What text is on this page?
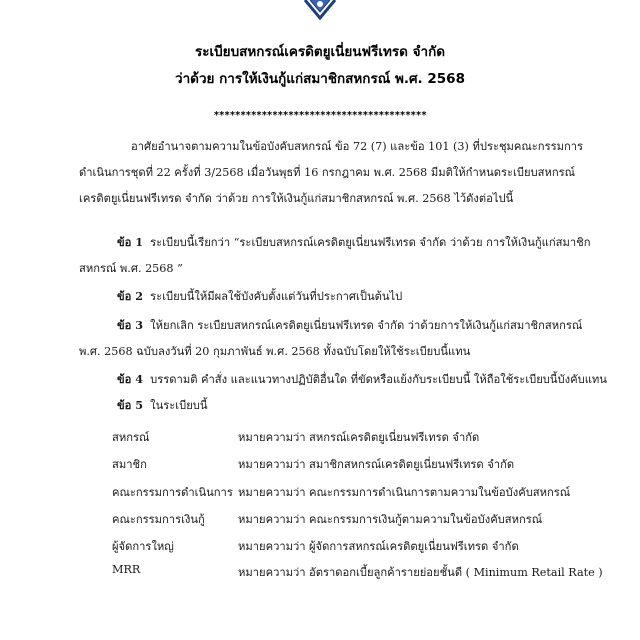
ระเบียบสหกรณ์เครดิตยูเนี่ยนฟรีเทรด จำกัด
ว่าด้วย การให้เงินกู้แก่สมาชิกสหกรณ์ พ.ศ. 2568
****************************************
อาศัยอำนาจตามความในข้อบังคับสหกรณ์ ข้อ 72 (7) และข้อ 101 (3) ที่ประชุมคณะกรรมการ
ดำเนินการชุดที่ 22 ครั้งที่ 3/2568 เมื่อวันพุธที่ 16 กรกฎาคม พ.ศ. 2568 มีมติให้กำหนดระเบียบสหกรณ์
เครดิตยูเนี่ยนฟรีเทรด จำกัด ว่าด้วย การให้เงินกู้แก่สมาชิกสหกรณ์ พ.ศ. 2568 ไว้ดังต่อไปนี้
ข้อ 1 ระเบียบนี้เรียกว่า “ระเบียบสหกรณ์เครดิตยูเนี่ยนฟรีเทรด จำกัด ว่าด้วย การให้เงินกู้แก่สมาชิก
สหกรณ์ พ.ศ. 2568 ”
ข้อ 2 ระเบียบนี้ให้มีผลใช้บังคับตั้งแต่วันที่ประกาศเป็นต้นไป
ข้อ 3 ให้ยกเลิก ระเบียบสหกรณ์เครดิตยูเนี่ยนฟรีเทรด จำกัด ว่าด้วยการให้เงินกู้แก่สมาชิกสหกรณ์
พ.ศ. 2568 ฉบับลงวันที่ 20 กุมภาพันธ์ พ.ศ. 2568 ทั้งฉบับโดยให้ใช้ระเบียบนี้แทน
ข้อ 4 บรรดามติ คำสั่ง และแนวทางปฏิบัติอื่นใด ที่ขัดหรือแย้งกับระเบียบนี้ ให้ถือใช้ระเบียบนี้บังคับแทน
ข้อ 5 ในระเบียบนี้
สหกรณ์	หมายความว่า สหกรณ์เครดิตยูเนี่ยนฟรีเทรด จำกัด
สมาชิก	หมายความว่า สมาชิกสหกรณ์เครดิตยูเนี่ยนฟรีเทรด จำกัด
คณะกรรมการดำเนินการ หมายความว่า คณะกรรมการดำเนินการตามความในข้อบังคับสหกรณ์
คณะกรรมการเงินกู้	หมายความว่า คณะกรรมการเงินกู้ตามความในข้อบังคับสหกรณ์
ผู้จัดการใหญ่	หมายความว่า ผู้จัดการสหกรณ์เครดิตยูเนี่ยนฟรีเทรด จำกัด
MRR	หมายความว่า อัตราดอกเบี้ยลูกค้ารายย่อยชั้นดี ( Minimum Retail Rate )
